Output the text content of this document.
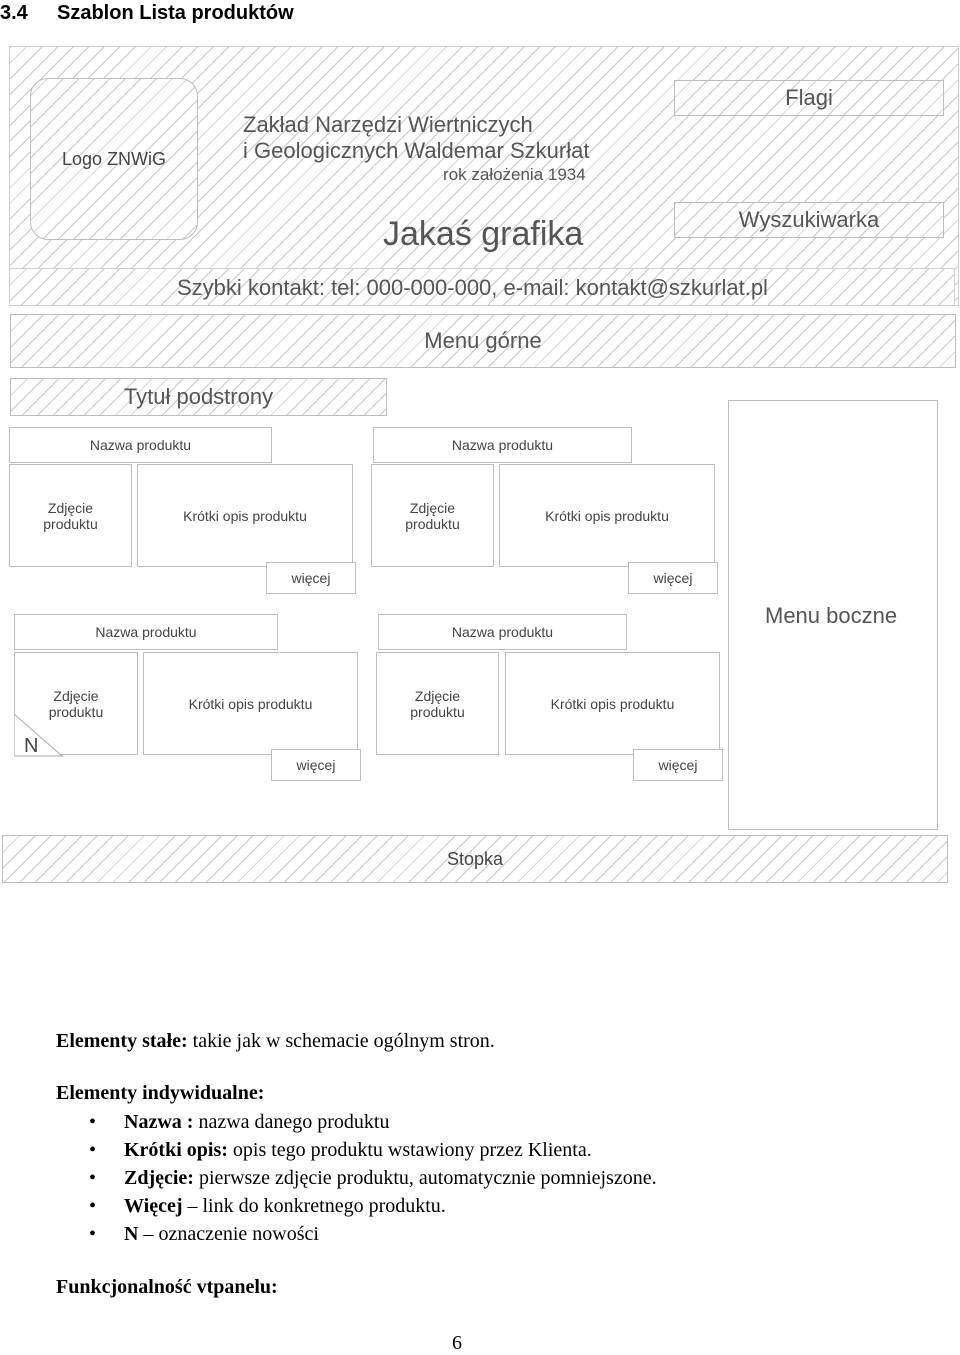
3.4 Szablon Lista produktów
Logo ZNWiG
Zakład Narzędzi Wiertniczych
i Geologicznych Waldemar Szkurłat
rok założenia 1934
Jakaś grafika
Flagi
Wyszukiwarka
Szybki kontakt: tel: 000-000-000, e-mail: kontakt@szkurlat.pl
Menu górne
Tytuł podstrony
Menu boczne
Nazwa produktu
Zdjęcie
produktu	Krótki opis produktu
więcej
Nazwa produktu
Zdjęcie
produktu	Krótki opis produktu
więcej
Nazwa produktu
Zdjęcie
produktu
N
Krótki opis produktu
więcej
Nazwa produktu
Zdjęcie
produktu	Krótki opis produktu
więcej
Stopka
Elementy stałe: takie jak w schemacie ogólnym stron.
Elementy indywidualne:
• Nazwa : nazwa danego produktu
• Krótki opis: opis tego produktu wstawiony przez Klienta.
• Zdjęcie: pierwsze zdjęcie produktu, automatycznie pomniejszone.
• Więcej – link do konkretnego produktu.
• N – oznaczenie nowości
Funkcjonalność vtpanelu:
6
